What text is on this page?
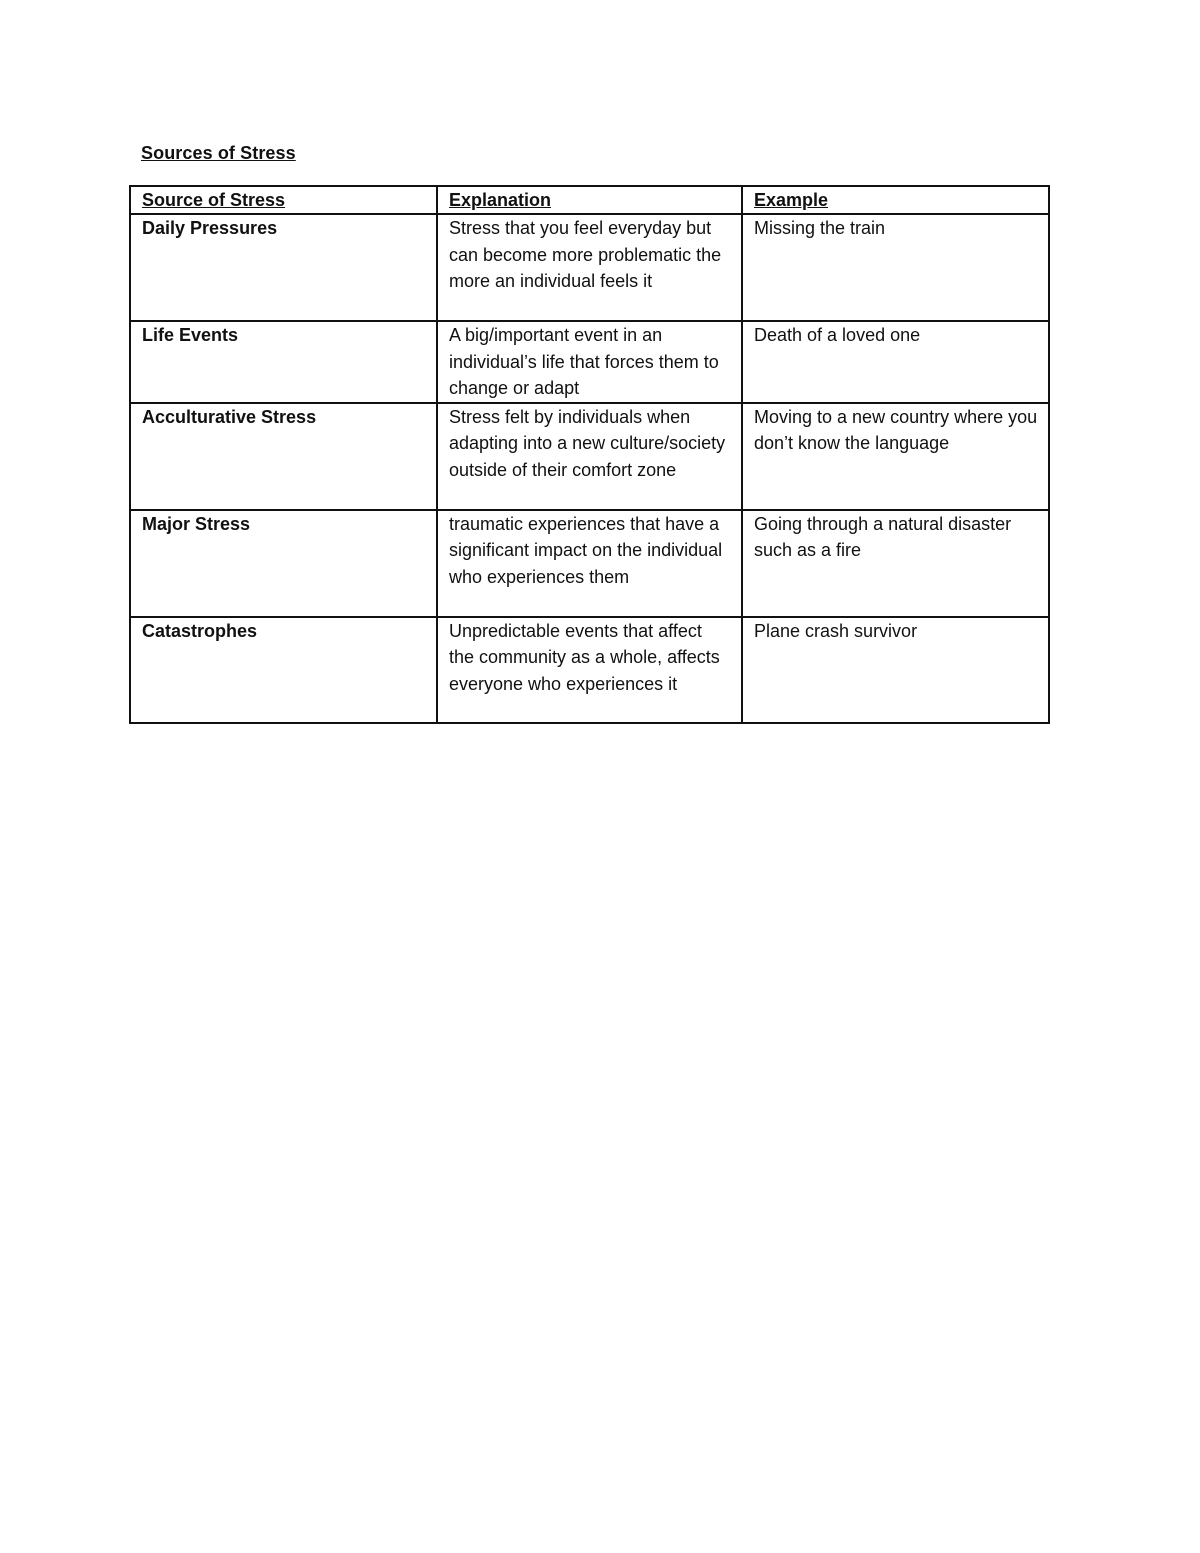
Sources of Stress
Source of Stress	Explanation	Example
Daily Pressures	Stress that you feel everyday but can become more problematic the more an individual feels it	Missing the train
Life Events	A big/important event in an individual’s life that forces them to change or adapt	Death of a loved one
Acculturative Stress	Stress felt by individuals when adapting into a new culture/society outside of their comfort zone	Moving to a new country where you don’t know the language
Major Stress	traumatic experiences that have a significant impact on the individual who experiences them	Going through a natural disaster such as a fire
Catastrophes	Unpredictable events that affect the community as a whole, affects everyone who experiences it	Plane crash survivor
